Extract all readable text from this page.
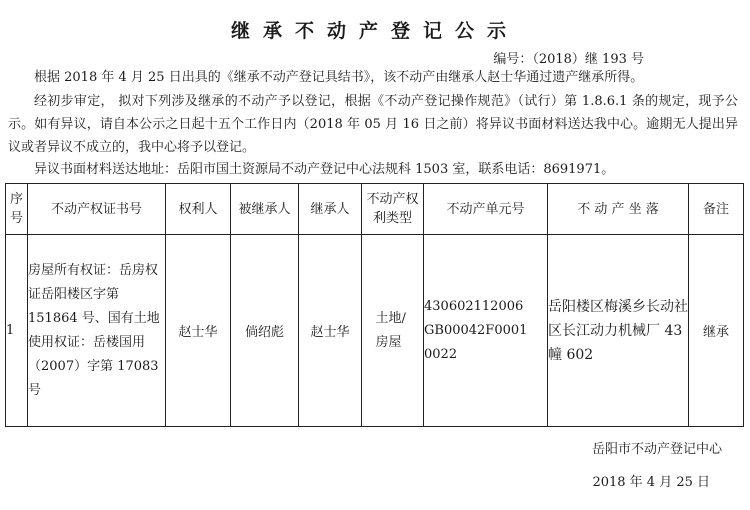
继承不动产登记公示
编号：（2018）继 193 号
根据 2018 年 4 月 25 日出具的《继承不动产登记具结书》，该不动产由继承人赵士华通过遗产继承所得。
经初步审定， 拟对下列涉及继承的不动产予以登记，根据《不动产登记操作规范》（试行）第 1.8.6.1 条的规定，现予公示。如有异议，请自本公示之日起十五个工作日内（2018 年 05 月 16 日之前）将异议书面材料送达我中心。逾期无人提出异议或者异议不成立的，我中心将予以登记。
异议书面材料送达地址：岳阳市国土资源局不动产登记中心法规科 1503 室，联系电话：8691971。
序号	不动产权证书号	权利人	被继承人	继承人	不动产权利类型	不动产单元号	不 动 产 坐 落	备注
1	房屋所有权证：岳房权证岳阳楼区字第 151864 号、国有土地使用权证：岳楼国用（2007）字第 17083 号	赵士华	倘绍彪	赵士华	土地/房屋	430602112006GB00042F00010022	岳阳楼区梅溪乡长动社区长江动力机械厂 43 幢 602	继承
岳阳市不动产登记中心
2018 年 4 月 25 日
